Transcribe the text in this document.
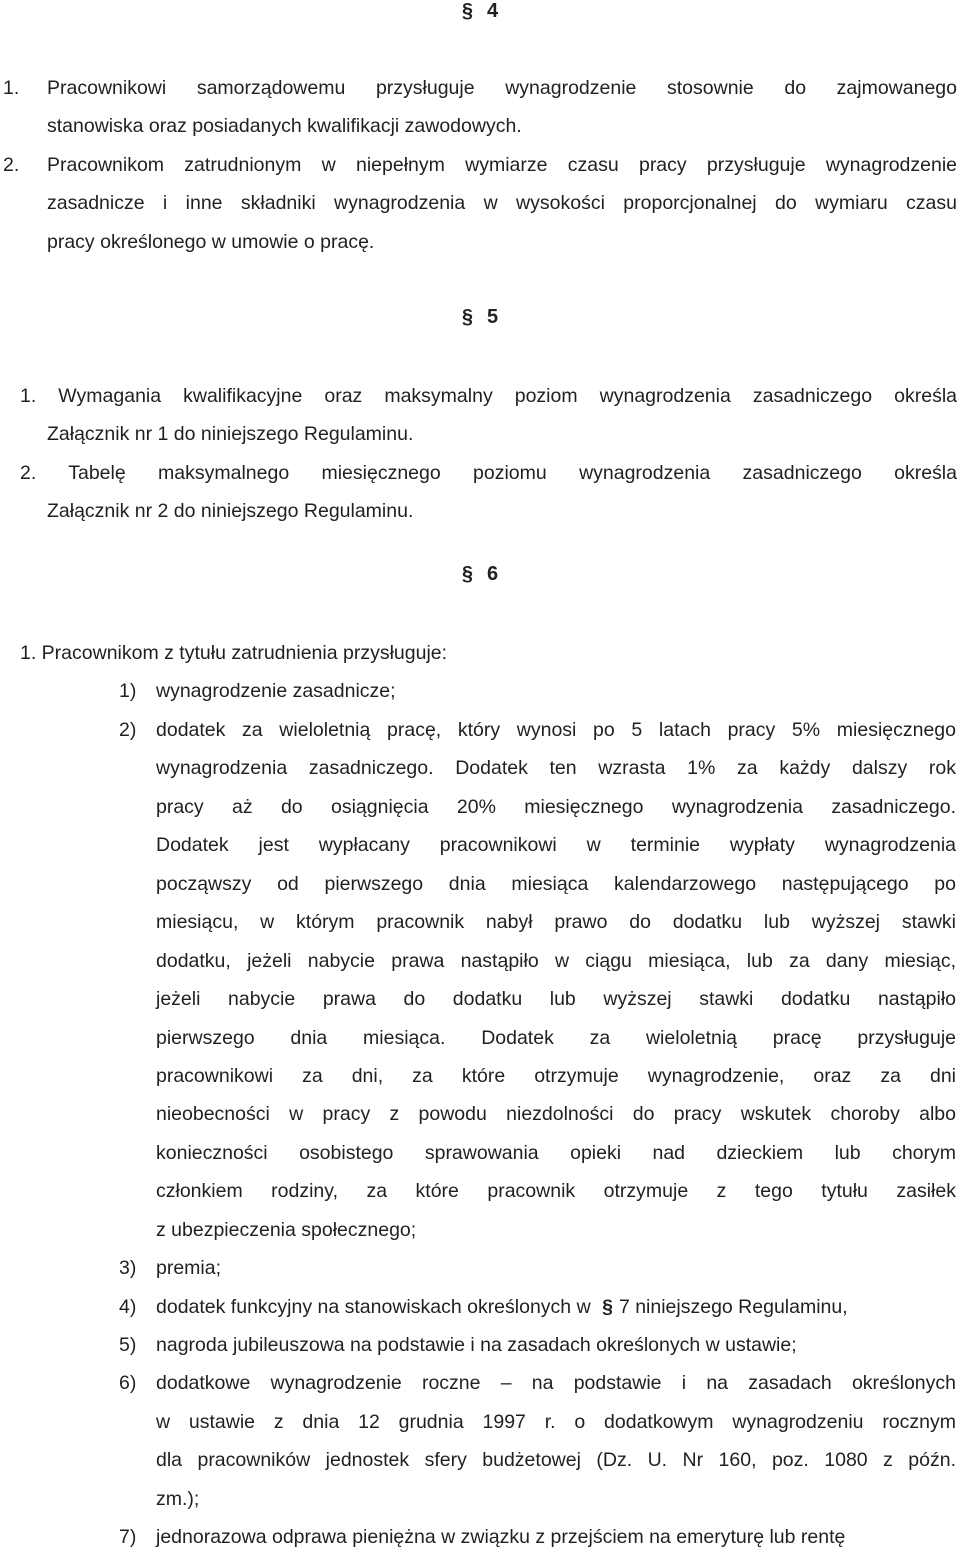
§ 4
1. Pracownikowi samorządowemu przysługuje wynagrodzenie stosownie do zajmowanego
stanowiska oraz posiadanych kwalifikacji zawodowych.
2. Pracownikom zatrudnionym w niepełnym wymiarze czasu pracy przysługuje wynagrodzenie
zasadnicze i inne składniki wynagrodzenia w wysokości proporcjonalnej do wymiaru czasu
pracy określonego w umowie o pracę.
§ 5
1. Wymagania kwalifikacyjne oraz maksymalny poziom wynagrodzenia zasadniczego określa
Załącznik nr 1 do niniejszego Regulaminu.
2. Tabelę maksymalnego miesięcznego poziomu wynagrodzenia zasadniczego określa
Załącznik nr 2 do niniejszego Regulaminu.
§ 6
1. Pracownikom z tytułu zatrudnienia przysługuje:
1) wynagrodzenie zasadnicze;
2) dodatek za wieloletnią pracę, który wynosi po 5 latach pracy 5% miesięcznego
wynagrodzenia zasadniczego. Dodatek ten wzrasta 1% za każdy dalszy rok
pracy aż do osiągnięcia 20% miesięcznego wynagrodzenia zasadniczego.
Dodatek jest wypłacany pracownikowi w terminie wypłaty wynagrodzenia
począwszy od pierwszego dnia miesiąca kalendarzowego następującego po
miesiącu, w którym pracownik nabył prawo do dodatku lub wyższej stawki
dodatku, jeżeli nabycie prawa nastąpiło w ciągu miesiąca, lub za dany miesiąc,
jeżeli nabycie prawa do dodatku lub wyższej stawki dodatku nastąpiło
pierwszego dnia miesiąca. Dodatek za wieloletnią pracę przysługuje
pracownikowi za dni, za które otrzymuje wynagrodzenie, oraz za dni
nieobecności w pracy z powodu niezdolności do pracy wskutek choroby albo
konieczności osobistego sprawowania opieki nad dzieckiem lub chorym
członkiem rodziny, za które pracownik otrzymuje z tego tytułu zasiłek
z ubezpieczenia społecznego;
3) premia;
4) dodatek funkcyjny na stanowiskach określonych w § 7 niniejszego Regulaminu,
5) nagroda jubileuszowa na podstawie i na zasadach określonych w ustawie;
6) dodatkowe wynagrodzenie roczne – na podstawie i na zasadach określonych
w ustawie z dnia 12 grudnia 1997 r. o dodatkowym wynagrodzeniu rocznym
dla pracowników jednostek sfery budżetowej (Dz. U. Nr 160, poz. 1080 z późn.
zm.);
7) jednorazowa odprawa pieniężna w związku z przejściem na emeryturę lub rentę
